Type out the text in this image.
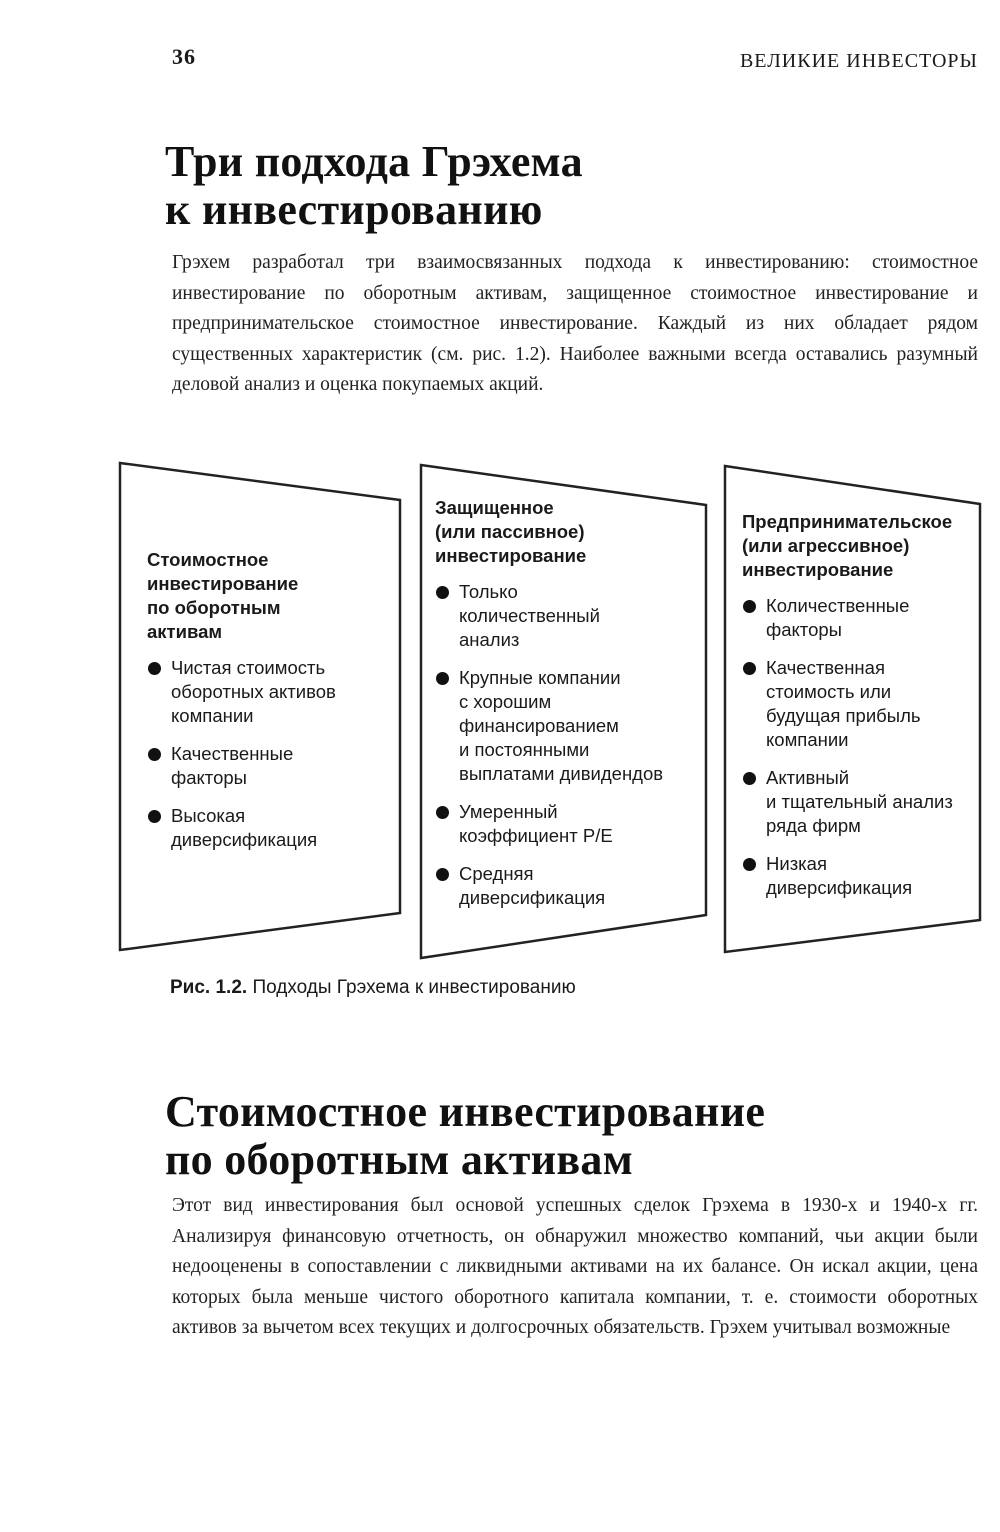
36	ВЕЛИКИЕ ИНВЕСТОРЫ
Три подхода Грэхема
к инвестированию

Грэхем разработал три взаимосвязанных подхода к инвестированию: стоимостное инвестирование по оборотным активам, защищенное стоимостное инвестирование и предпринимательское стоимостное инвестирование. Каждый из них обладает рядом существенных характеристик (см. рис. 1.2). Наиболее важными всегда оставались разумный деловой анализ и оценка покупаемых акций.

Стоимостное
инвестирование
по оборотным
активам
Чистая стоимость
оборотных активов
компании
Качественные
факторы
Высокая
диверсификация
Защищенное
(или пассивное)
инвестирование
Только
количественный
анализ
Крупные компании
с хорошим
финансированием
и постоянными
выплатами дивидендов
Умеренный
коэффициент P/E
Средняя
диверсификация
Предпринимательское
(или агрессивное)
инвестирование
Количественные
факторы
Качественная
стоимость или
будущая прибыль
компании
Активный
и тщательный анализ
ряда фирм
Низкая
диверсификация
Рис. 1.2. Подходы Грэхема к инвестированию
Стоимостное инвестирование
по оборотным активам

Этот вид инвестирования был основой успешных сделок Грэхема в 1930-х и 1940-х гг. Анализируя финансовую отчетность, он обнаружил множество компаний, чьи акции были недооценены в сопоставлении с ликвидными активами на их балансе. Он искал акции, цена которых была меньше чистого оборотного капитала компании, т. е. стоимости оборотных активов за вычетом всех текущих и долгосрочных обязательств. Грэхем учитывал возможные
